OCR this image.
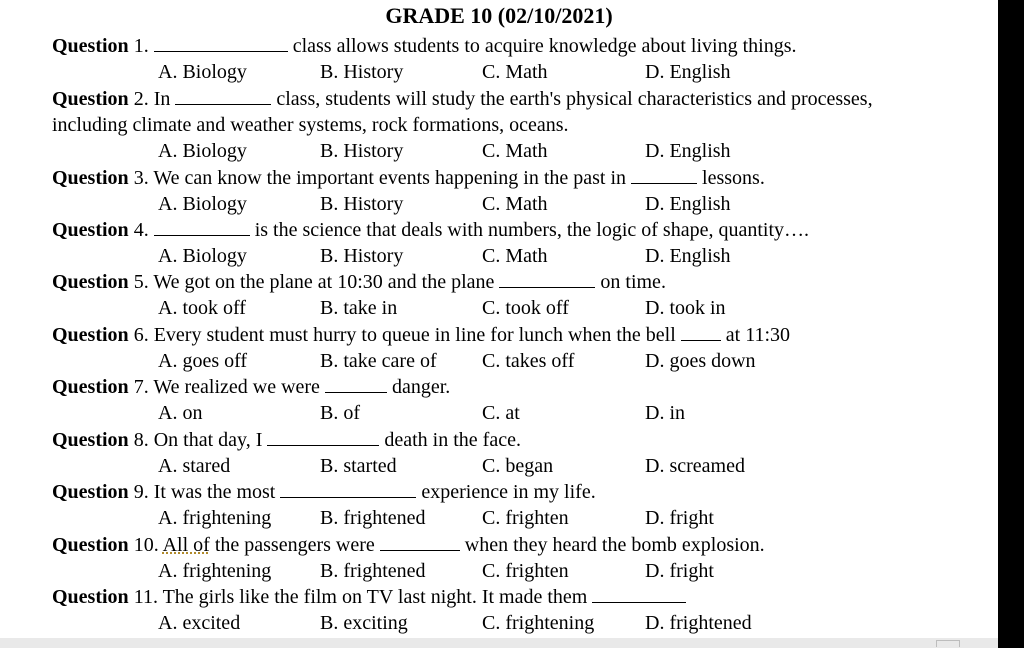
GRADE 10 (02/10/2021)
Question 1.	class allows students to acquire knowledge about living things.
A. Biology	B. History	C. Math	D. English
Question 2. In	class, students will study the earth's physical characteristics and processes,
including climate and weather systems, rock formations, oceans.
A. Biology	B. History	C. Math	D. English
Question 3. We can know the important events happening in the past in	lessons.
A. Biology	B. History	C. Math	D. English
Question 4.	is the science that deals with numbers, the logic of shape, quantity….
A. Biology	B. History	C. Math	D. English
Question 5. We got on the plane at 10:30 and the plane	on time.
A. took off	B. take in	C. took off	D. took in
Question 6. Every student must hurry to queue in line for lunch when the bell  at 11:30
A. goes off	B. take care of C. takes off	D. goes down
Question 7. We realized we were	danger.
A. on	B. of	C. at	D. in
Question 8. On that day, I	death in the face.
A. stared	B. started	C. began	D. screamed
Question 9. It was the most	experience in my life.
A. frightening B. frightened	C. frighten	D. fright
Question 10. All of the passengers were	when they heard the bomb explosion.
A. frightening B. frightened	C. frighten	D. fright
Question 11. The girls like the film on TV last night. It made them
A. excited	B. exciting	C. frightening	D. frightened
